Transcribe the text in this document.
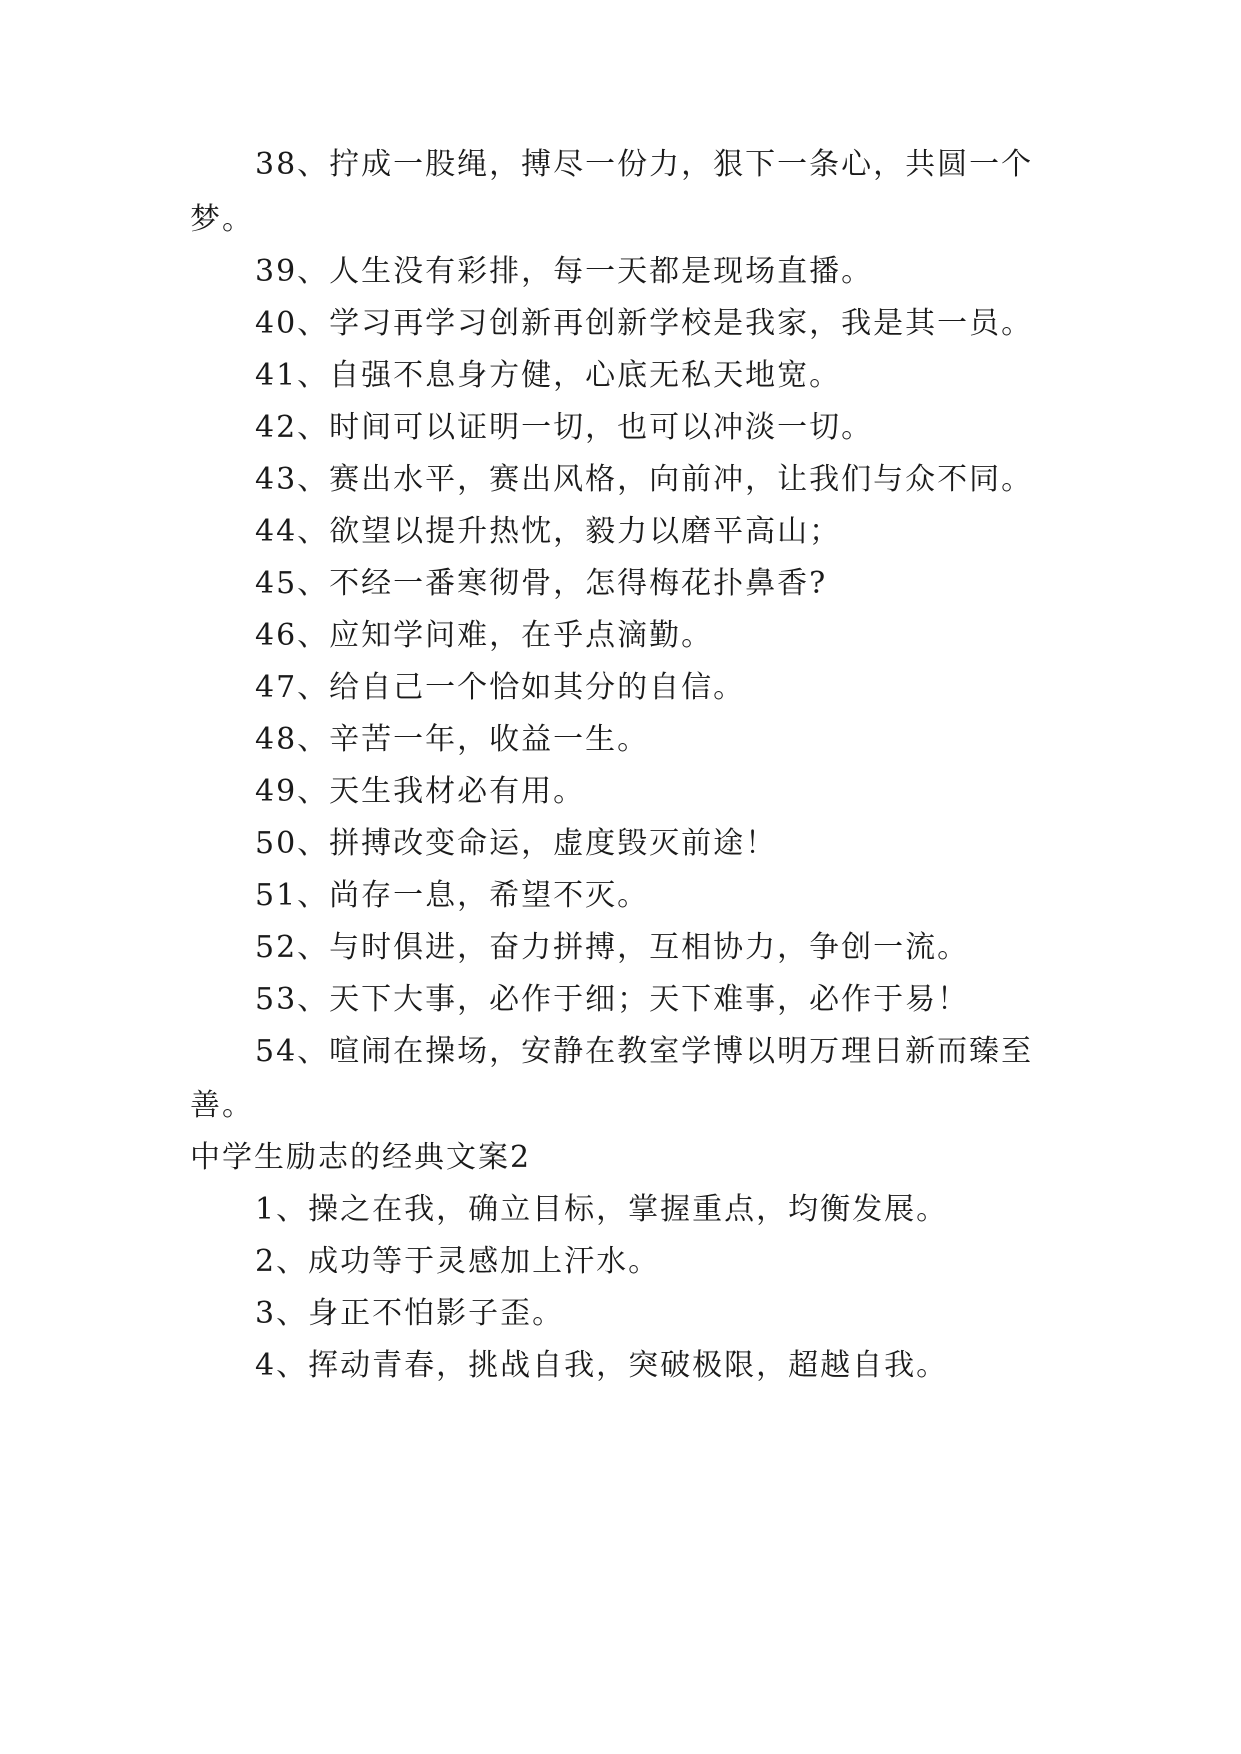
38、拧成一股绳，搏尽一份力，狠下一条心，共圆一个
梦。
39、人生没有彩排，每一天都是现场直播。
40、学习再学习创新再创新学校是我家，我是其一员。
41、自强不息身方健，心底无私天地宽。
42、时间可以证明一切，也可以冲淡一切。
43、赛出水平，赛出风格，向前冲，让我们与众不同。
44、欲望以提升热忱，毅力以磨平高山；
45、不经一番寒彻骨，怎得梅花扑鼻香?
46、应知学问难，在乎点滴勤。
47、给自己一个恰如其分的自信。
48、辛苦一年，收益一生。
49、天生我材必有用。
50、拼搏改变命运，虚度毁灭前途！
51、尚存一息，希望不灭。
52、与时俱进，奋力拼搏，互相协力，争创一流。
53、天下大事，必作于细；天下难事，必作于易！
54、喧闹在操场，安静在教室学博以明万理日新而臻至
善。
中学生励志的经典文案2
1、操之在我，确立目标，掌握重点，均衡发展。
2、成功等于灵感加上汗水。
3、身正不怕影子歪。
4、挥动青春，挑战自我，突破极限，超越自我。
